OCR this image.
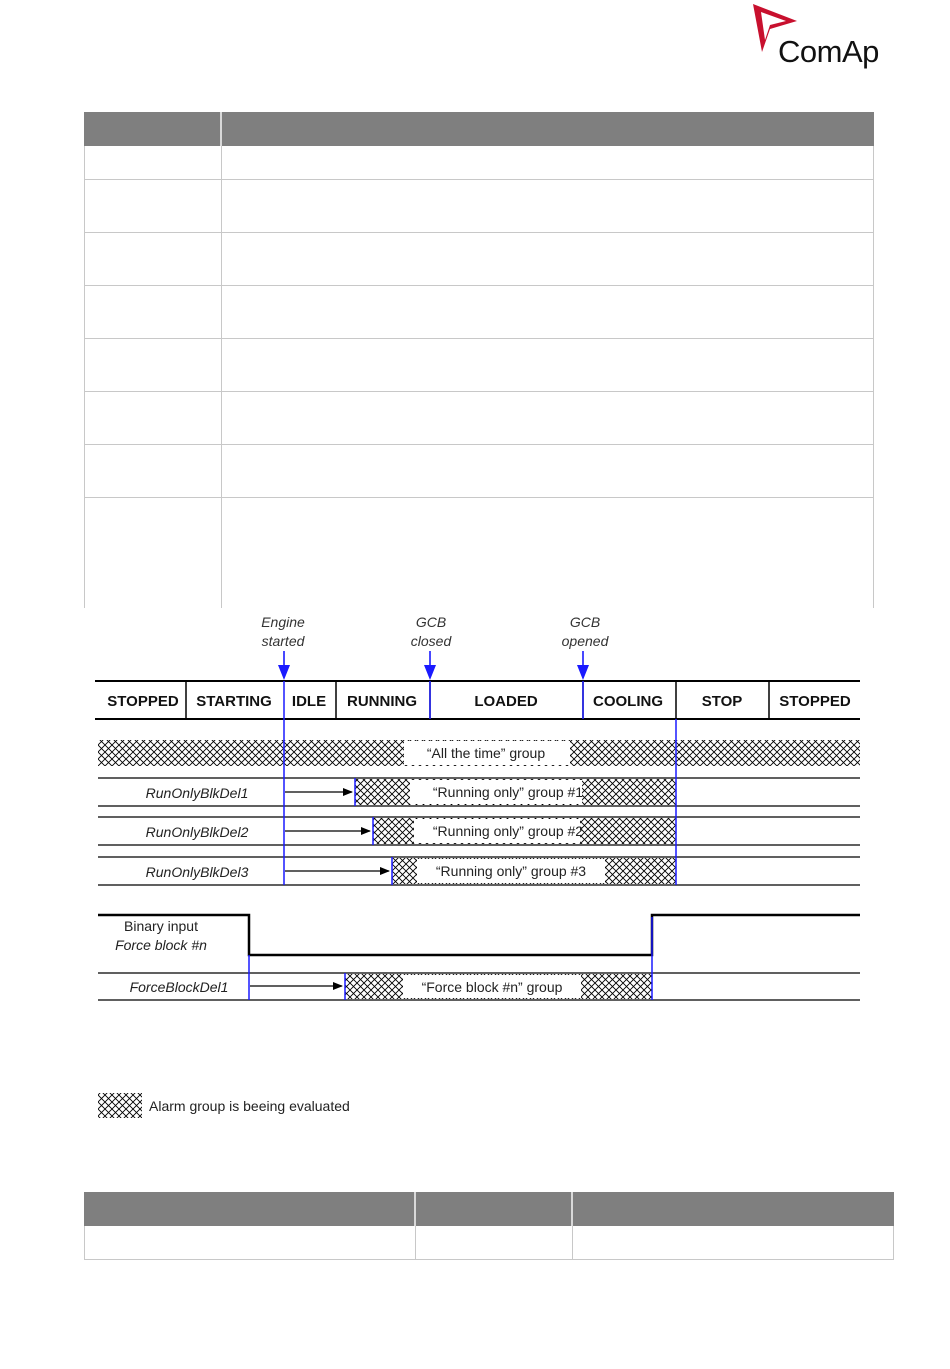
ComAp
Engine
started
GCB
closed
GCB
opened
STOPPED STARTING IDLE RUNNING	LOADED	COOLING	STOP STOPPED
“All the time” group
RunOnlyBlkDel1	“Running only” group #1
RunOnlyBlkDel2	“Running only” group #2
RunOnlyBlkDel3	“Running only” group #3
Binary input
Force block #n
ForceBlockDel1	“Force block #n” group
Alarm group is beeing evaluated
